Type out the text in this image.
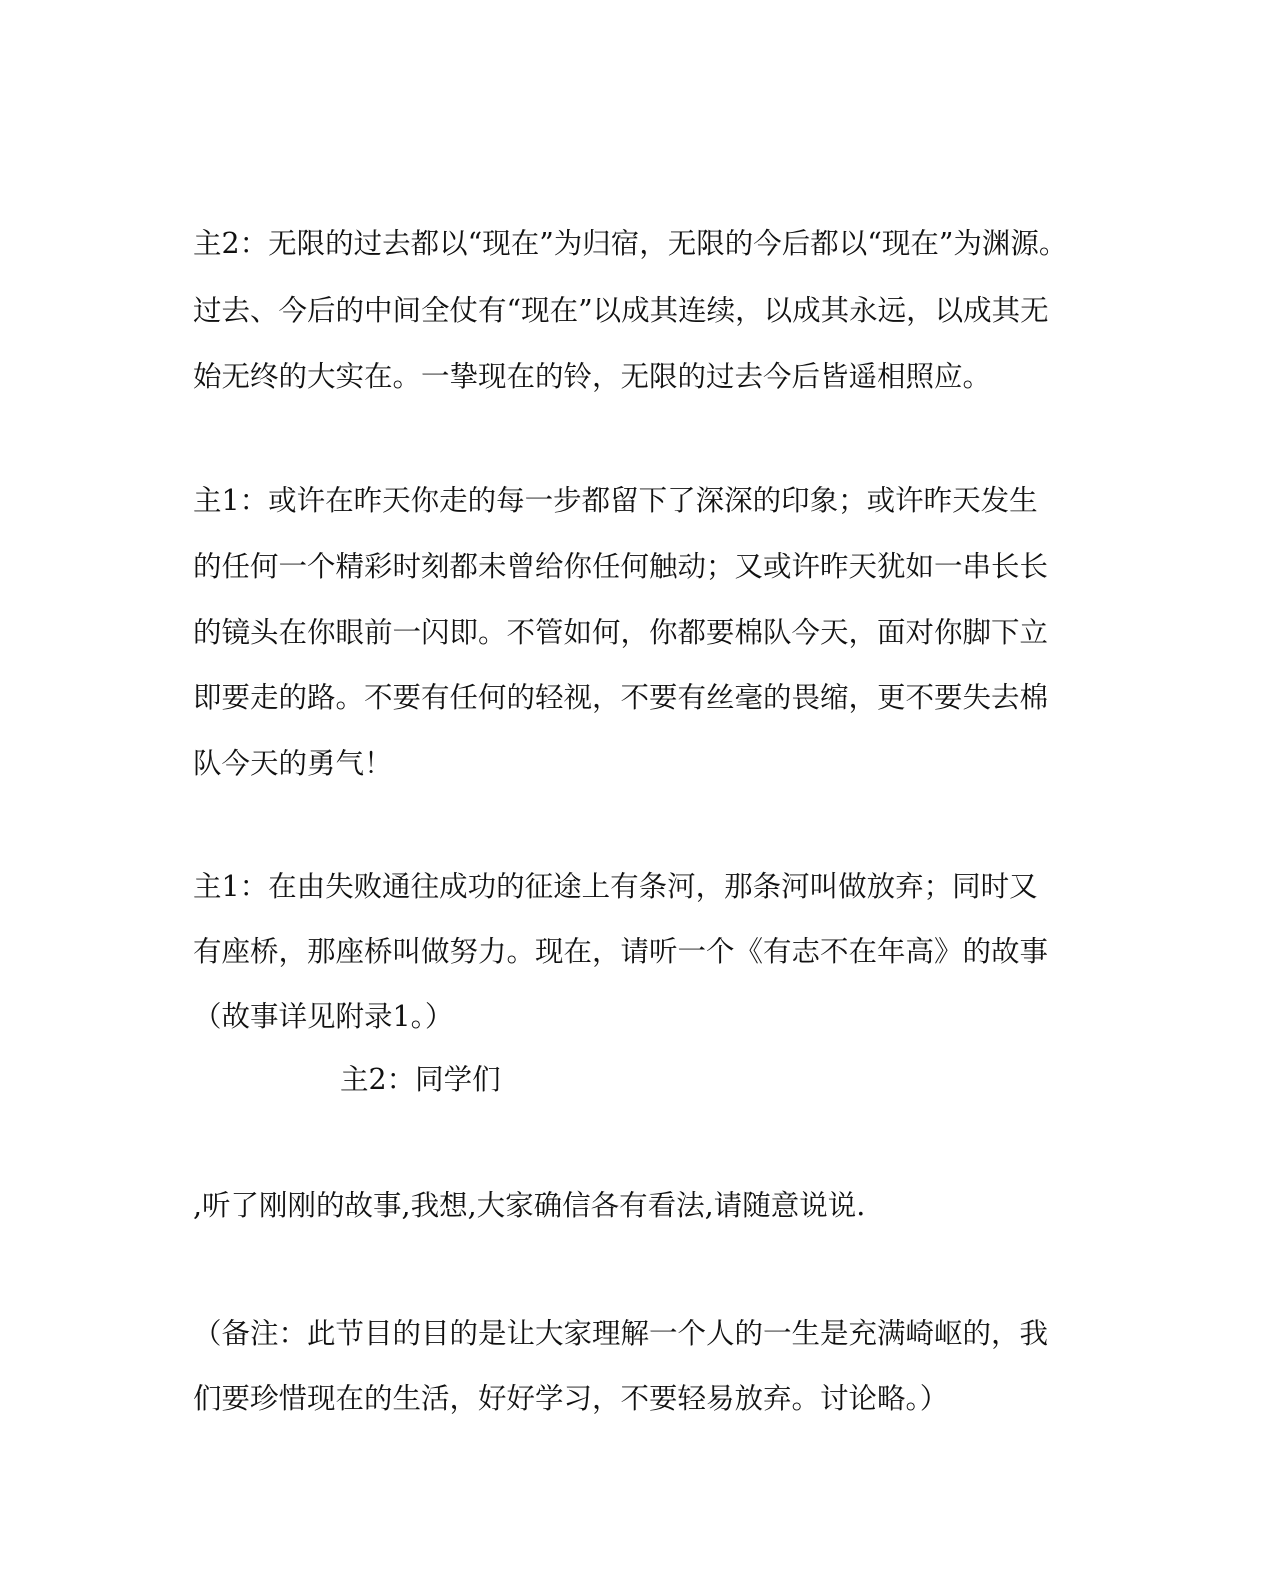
主2：无限的过去都以“现在”为归宿，无限的今后都以“现在”为渊源。
过去、今后的中间全仗有“现在”以成其连续，以成其永远，以成其无
始无终的大实在。一挚现在的铃，无限的过去今后皆遥相照应。
主1：或许在昨天你走的每一步都留下了深深的印象；或许昨天发生
的任何一个精彩时刻都未曾给你任何触动；又或许昨天犹如一串长长
的镜头在你眼前一闪即。不管如何，你都要棉队今天，面对你脚下立
即要走的路。不要有任何的轻视，不要有丝毫的畏缩，更不要失去棉
队今天的勇气！
主1：在由失败通往成功的征途上有条河，那条河叫做放弃；同时又
有座桥，那座桥叫做努力。现在，请听一个《有志不在年高》的故事
（故事详见附录1。）
主2：同学们
,听了刚刚的故事,我想,大家确信各有看法,请随意说说.
（备注：此节目的目的是让大家理解一个人的一生是充满崎岖的，我
们要珍惜现在的生活，好好学习，不要轻易放弃。讨论略。）
